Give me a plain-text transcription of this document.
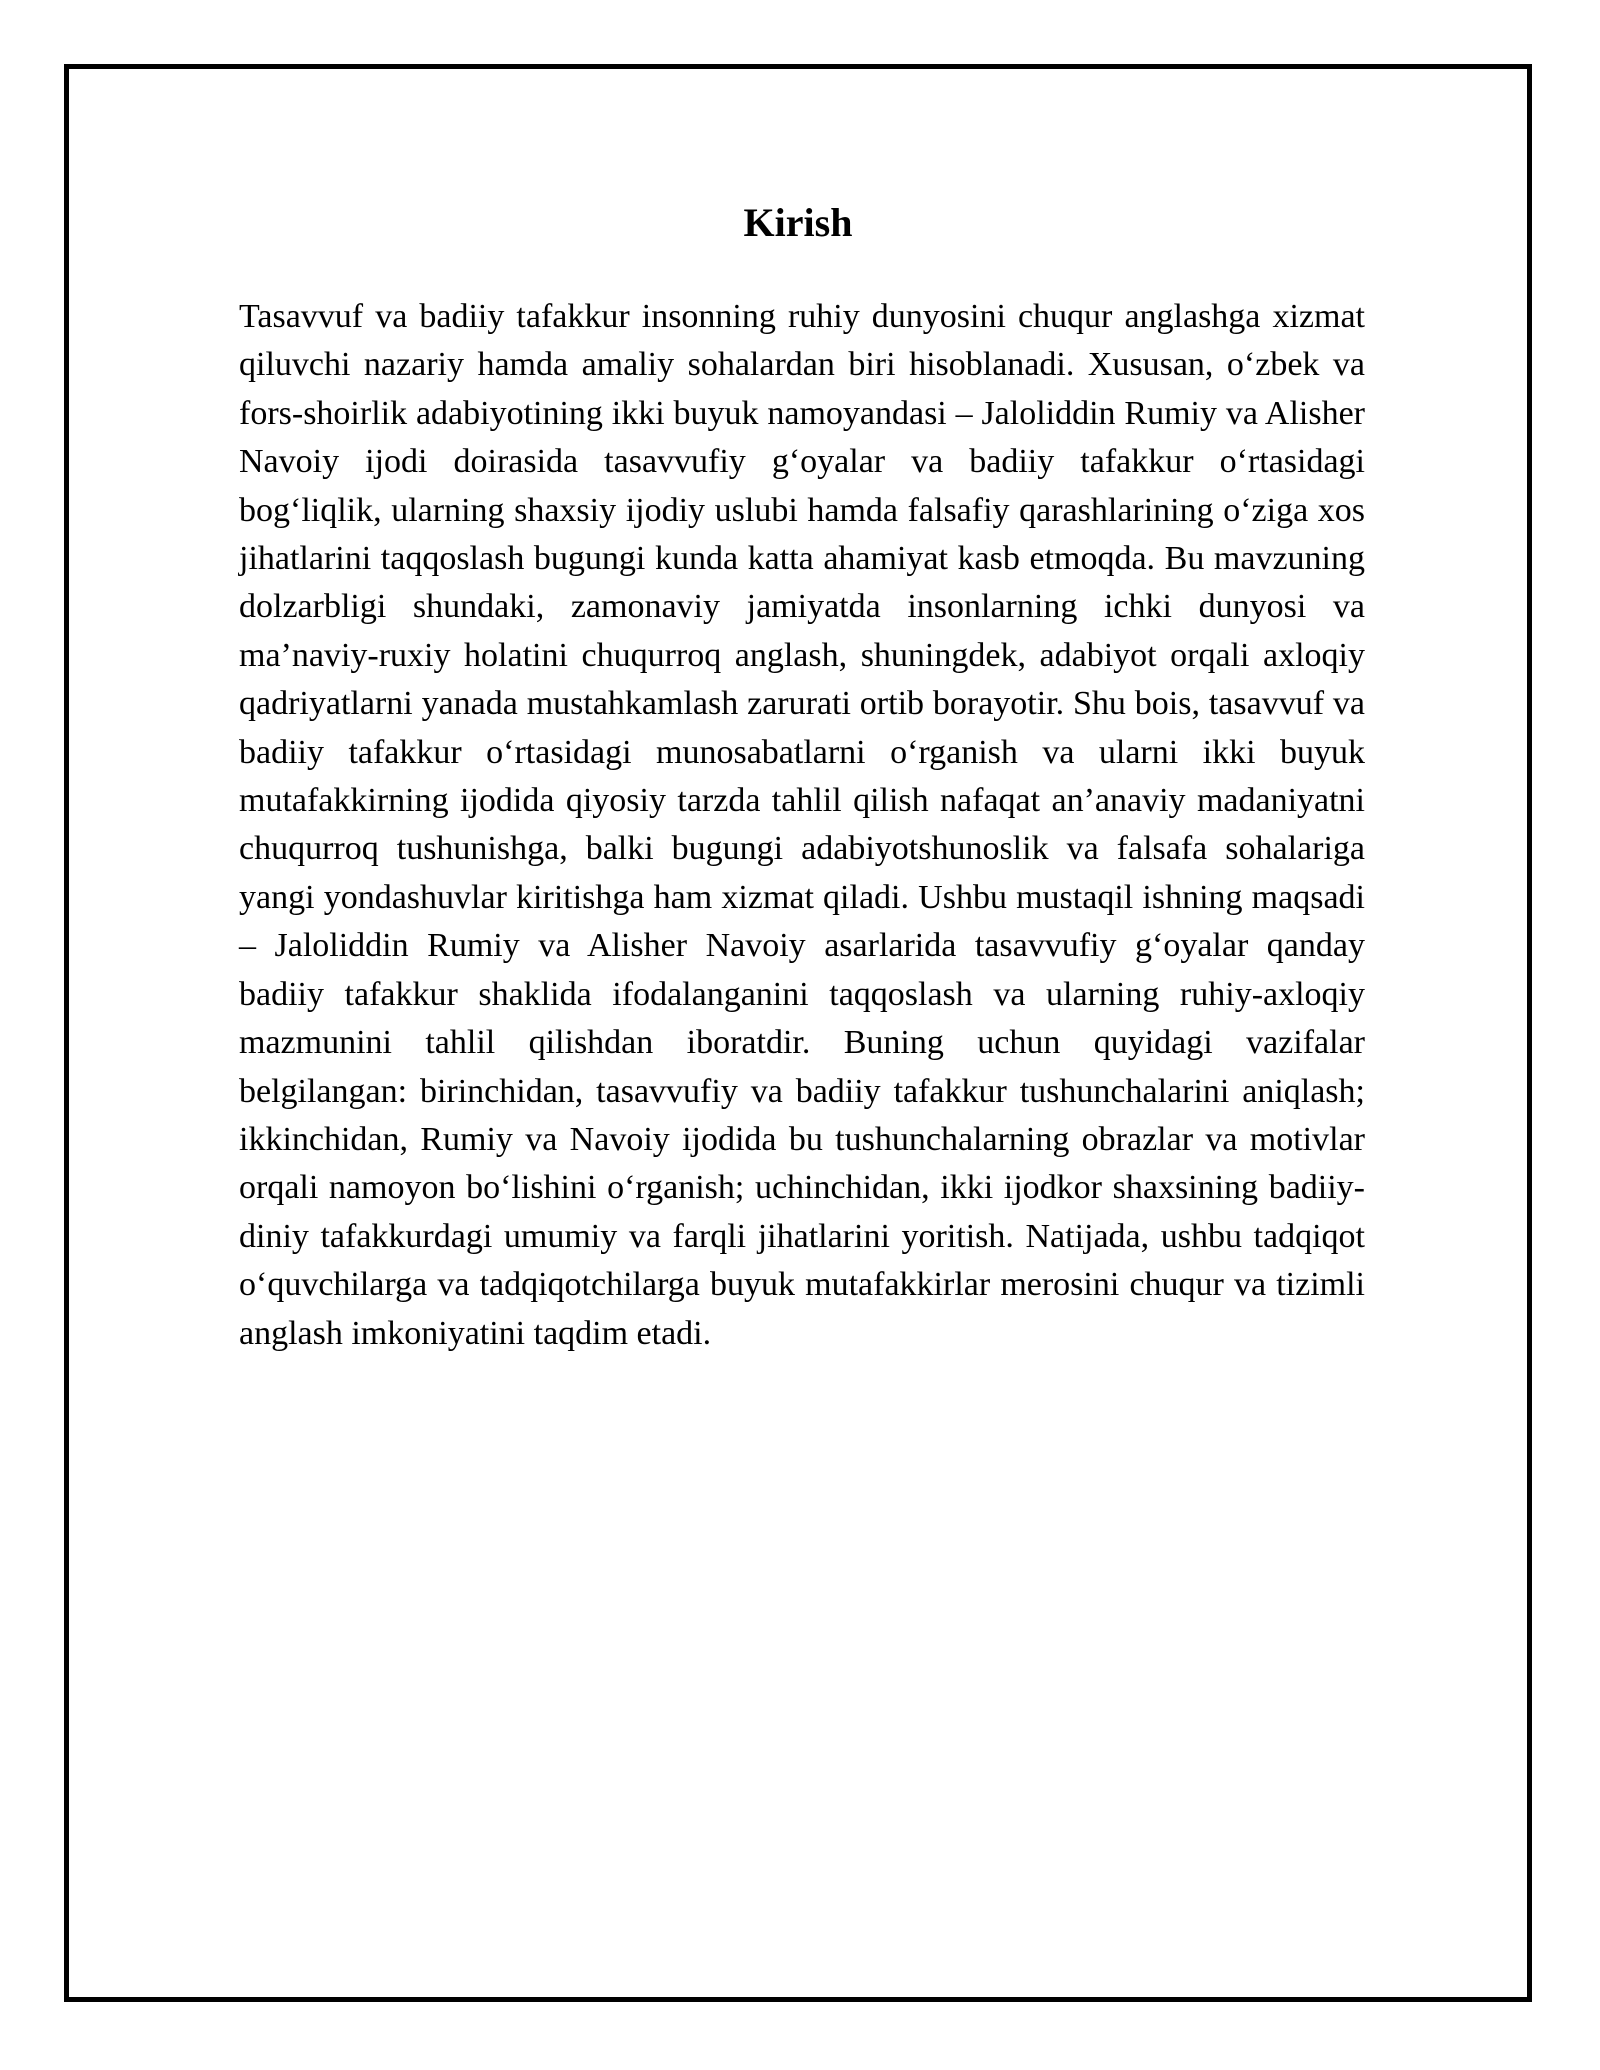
Kirish

Tasavvuf va badiiy tafakkur insonning ruhiy dunyosini chuqur anglashga xizmat qiluvchi nazariy hamda amaliy sohalardan biri hisoblanadi. Xususan, o‘zbek va fors-shoirlik adabiyotining ikki buyuk namoyandasi – Jaloliddin Rumiy va Alisher Navoiy ijodi doirasida tasavvufiy g‘oyalar va badiiy tafakkur o‘rtasidagi bog‘liqlik, ularning shaxsiy ijodiy uslubi hamda falsafiy qarashlarining o‘ziga xos jihatlarini taqqoslash bugungi kunda katta ahamiyat kasb etmoqda. Bu mavzuning dolzarbligi shundaki, zamonaviy jamiyatda insonlarning ichki dunyosi va ma’naviy-ruxiy holatini chuqurroq anglash, shuningdek, adabiyot orqali axloqiy qadriyatlarni yanada mustahkamlash zarurati ortib borayotir. Shu bois, tasavvuf va badiiy tafakkur o‘rtasidagi munosabatlarni o‘rganish va ularni ikki buyuk mutafakkirning ijodida qiyosiy tarzda tahlil qilish nafaqat an’anaviy madaniyatni chuqurroq tushunishga, balki bugungi adabiyotshunoslik va falsafa sohalariga yangi yondashuvlar kiritishga ham xizmat qiladi. Ushbu mustaqil ishning maqsadi – Jaloliddin Rumiy va Alisher Navoiy asarlarida tasavvufiy g‘oyalar qanday badiiy tafakkur shaklida ifodalanganini taqqoslash va ularning ruhiy-axloqiy mazmunini tahlil qilishdan iboratdir. Buning uchun quyidagi vazifalar belgilangan: birinchidan, tasavvufiy va badiiy tafakkur tushunchalarini aniqlash; ikkinchidan, Rumiy va Navoiy ijodida bu tushunchalarning obrazlar va motivlar orqali namoyon bo‘lishini o‘rganish; uchinchidan, ikki ijodkor shaxsining badiiy-diniy tafakkurdagi umumiy va farqli jihatlarini yoritish. Natijada, ushbu tadqiqot o‘quvchilarga va tadqiqotchilarga buyuk mutafakkirlar merosini chuqur va tizimli anglash imkoniyatini taqdim etadi.
